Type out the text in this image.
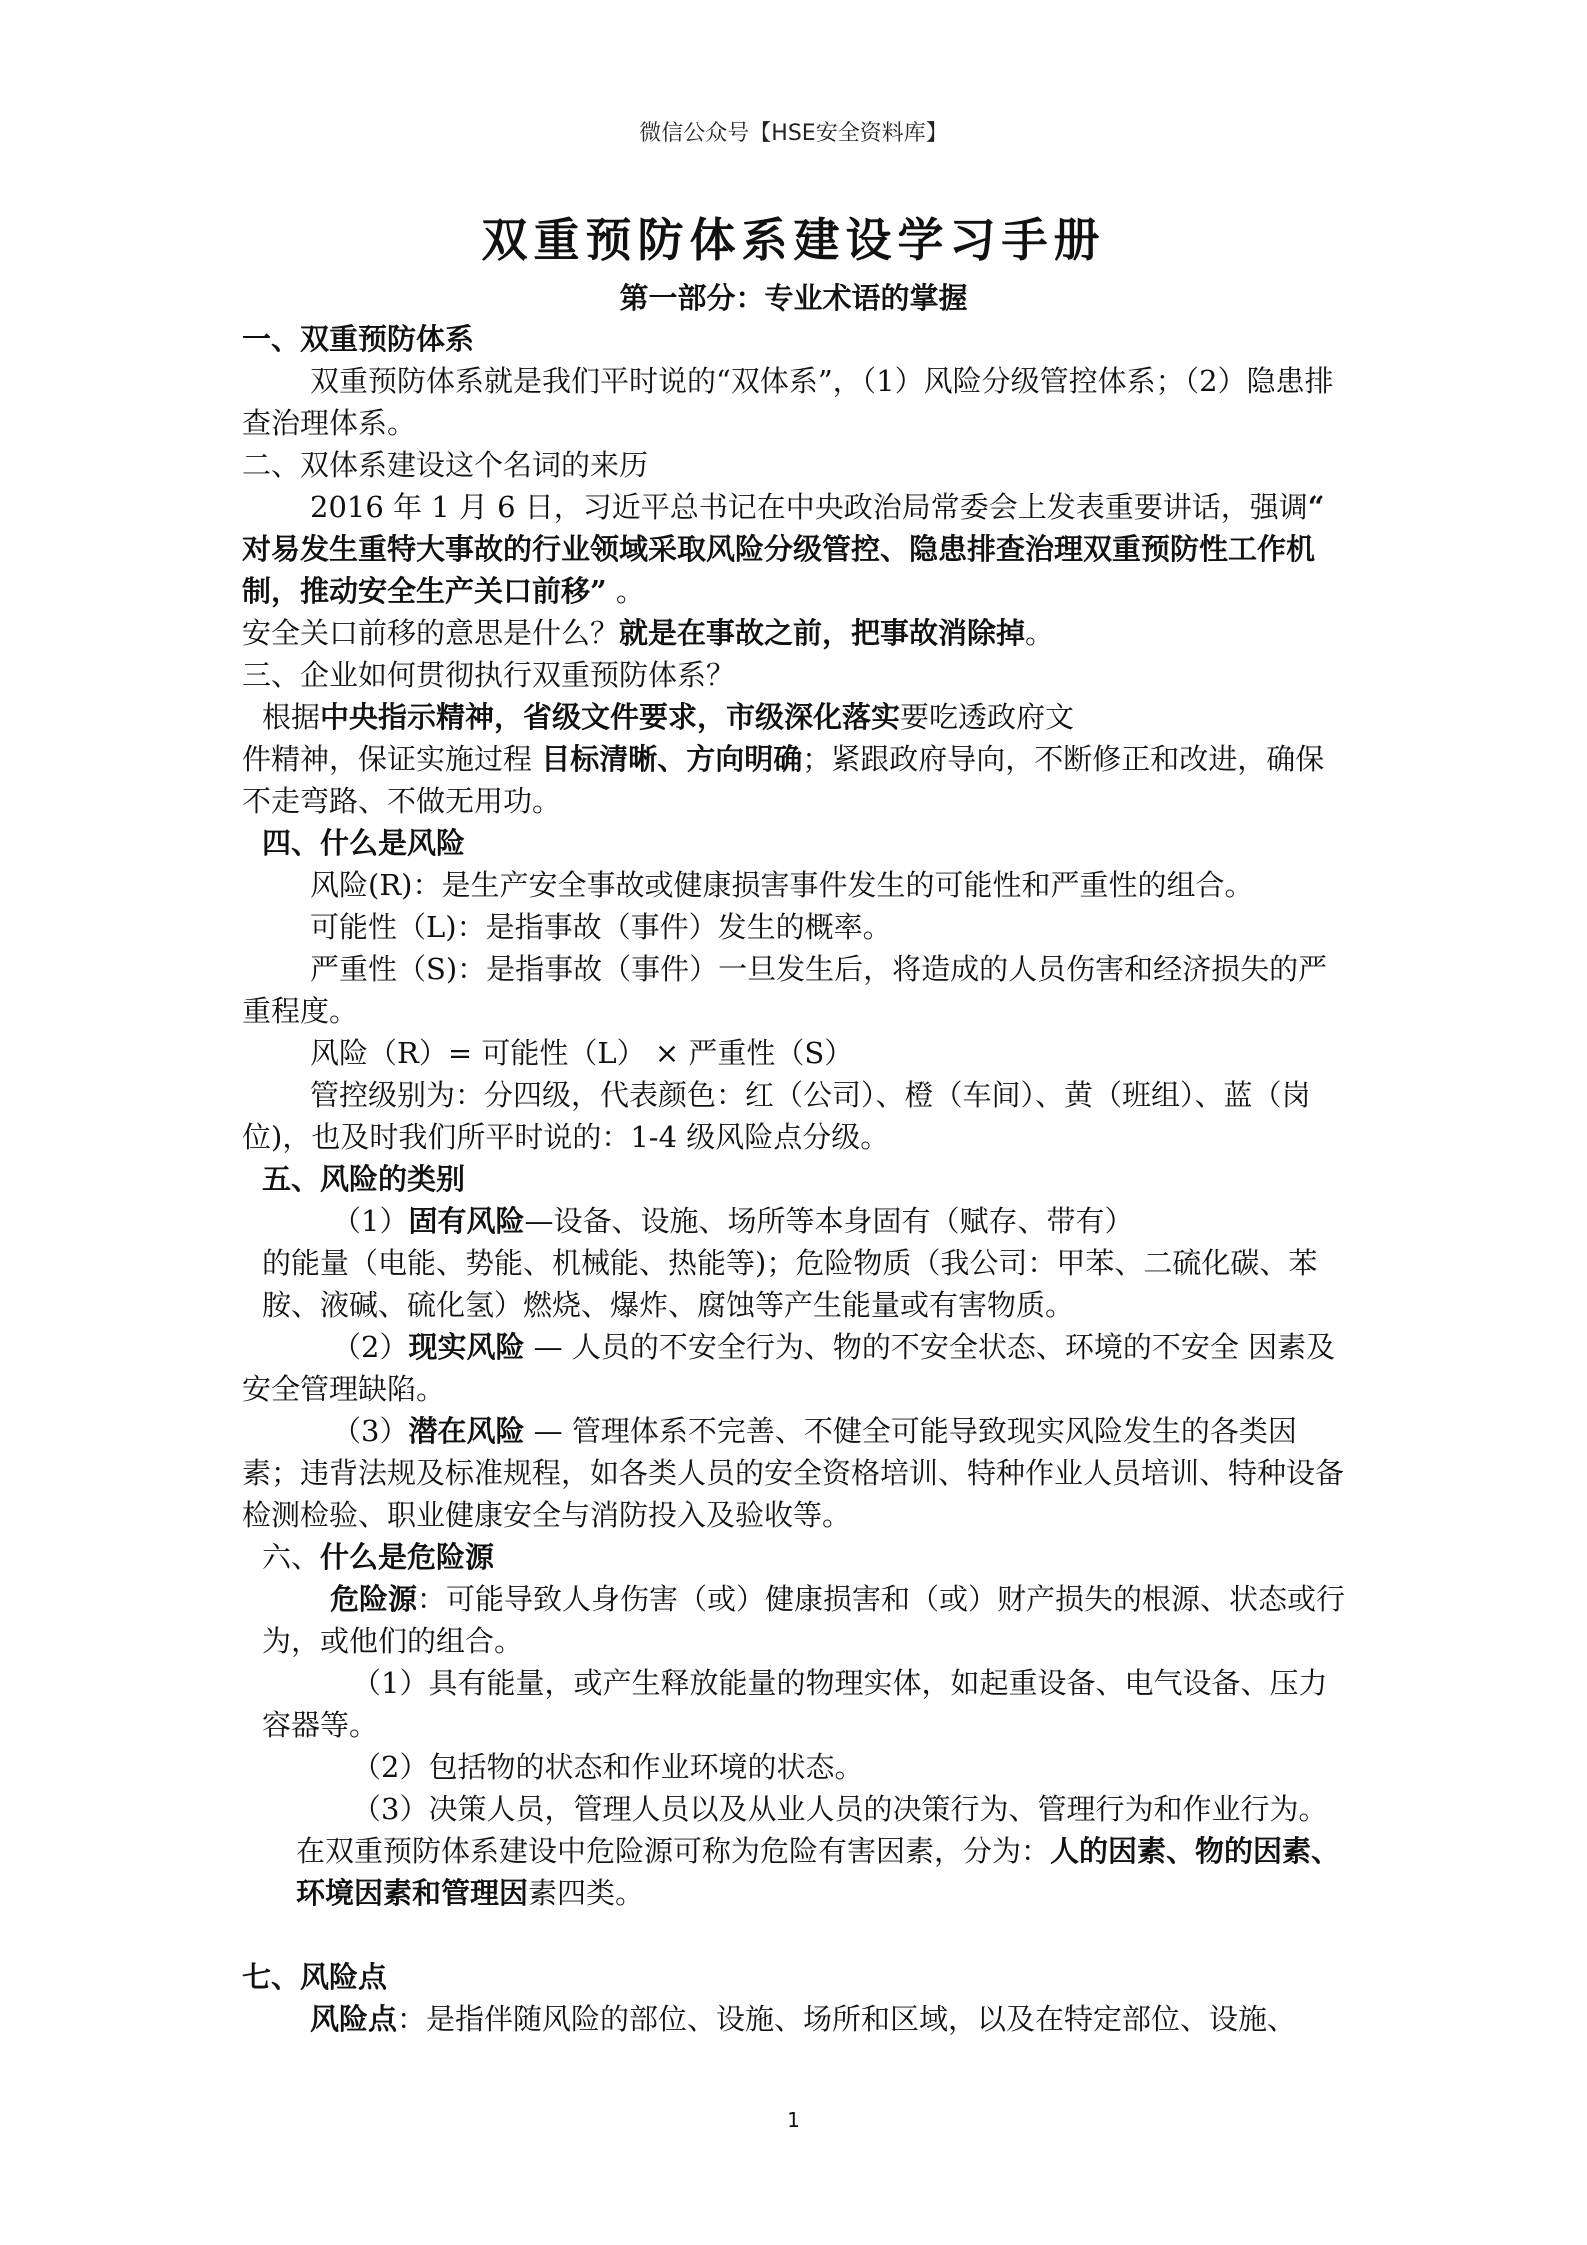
微信公众号【HSE安全资料库】
双重预防体系建设学习手册
第一部分：专业术语的掌握

一、双重预防体系

双重预防体系就是我们平时说的“双体系”，（1）风险分级管控体系；（2）隐患排查治理体系。

二、双体系建设这个名词的来历

2016 年 1 月 6 日，习近平总书记在中央政治局常委会上发表重要讲话，强调“ 对易发生重特大事故的行业领域采取风险分级管控、隐患排查治理双重预防性工作机制，推动安全生产关口前移” 。

安全关口前移的意思是什么？就是在事故之前，把事故消除掉。

三、企业如何贯彻执行双重预防体系？

根据中央指示精神，省级文件要求，市级深化落实要吃透政府文

件精神，保证实施过程 目标清晰、方向明确；紧跟政府导向，不断修正和改进，确保不走弯路、不做无用功。

四、什么是风险

风险(R)：是生产安全事故或健康损害事件发生的可能性和严重性的组合。

可能性（L)：是指事故（事件）发生的概率。

严重性（S)：是指事故（事件）一旦发生后，将造成的人员伤害和经济损失的严重程度。

风险（R）= 可能性（L） × 严重性（S）

管控级别为：分四级，代表颜色：红（公司）、橙（车间）、黄（班组）、蓝（岗位)，也及时我们所平时说的：1-4 级风险点分级。

五、风险的类别

（1）固有风险—设备、设施、场所等本身固有（赋存、带有）

的能量（电能、势能、机械能、热能等)；危险物质（我公司：甲苯、二硫化碳、苯胺、液碱、硫化氢）燃烧、爆炸、腐蚀等产生能量或有害物质。

（2）现实风险 — 人员的不安全行为、物的不安全状态、环境的不安全 因素及安全管理缺陷。

（3）潜在风险 — 管理体系不完善、不健全可能导致现实风险发生的各类因素；违背法规及标准规程，如各类人员的安全资格培训、特种作业人员培训、特种设备检测检验、职业健康安全与消防投入及验收等。

六、什么是危险源

危险源：可能导致人身伤害（或）健康损害和（或）财产损失的根源、状态或行为，或他们的组合。

（1）具有能量，或产生释放能量的物理实体，如起重设备、电气设备、压力容器等。

（2）包括物的状态和作业环境的状态。

（3）决策人员，管理人员以及从业人员的决策行为、管理行为和作业行为。

在双重预防体系建设中危险源可称为危险有害因素，分为：人的因素、物的因素、环境因素和管理因素四类。

七、风险点

风险点：是指伴随风险的部位、设施、场所和区域，以及在特定部位、设施、

1
